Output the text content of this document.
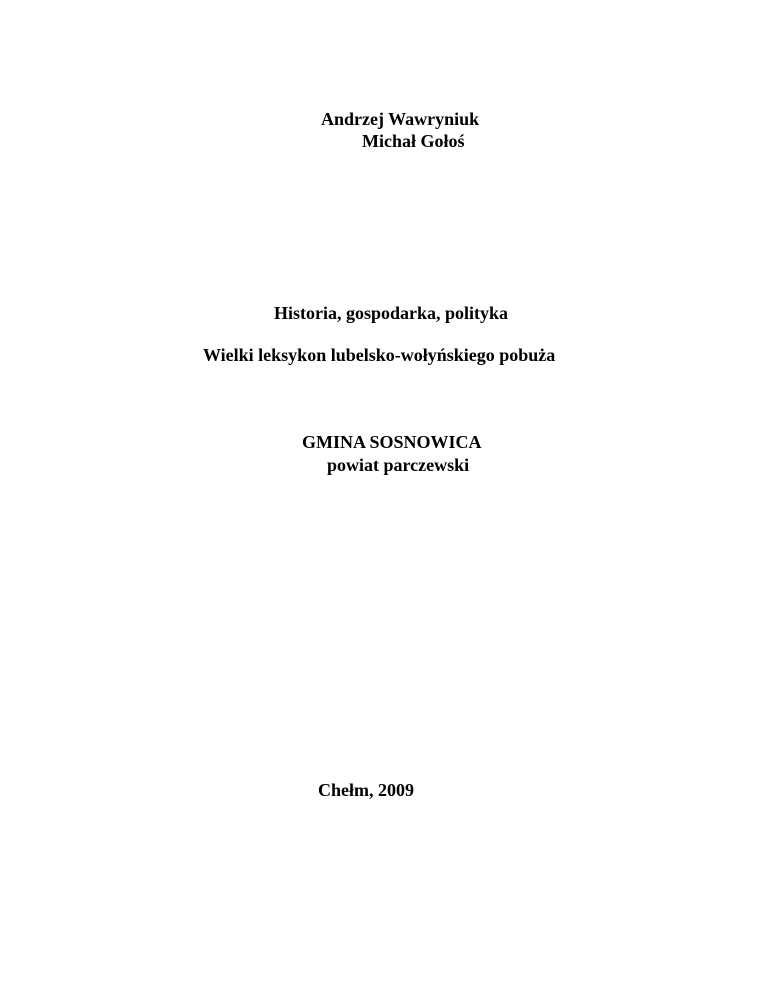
Andrzej Wawryniuk
Michał Gołoś
Historia, gospodarka, polityka
Wielki leksykon lubelsko-wołyńskiego pobuża
GMINA SOSNOWICA
powiat parczewski
Chełm, 2009
